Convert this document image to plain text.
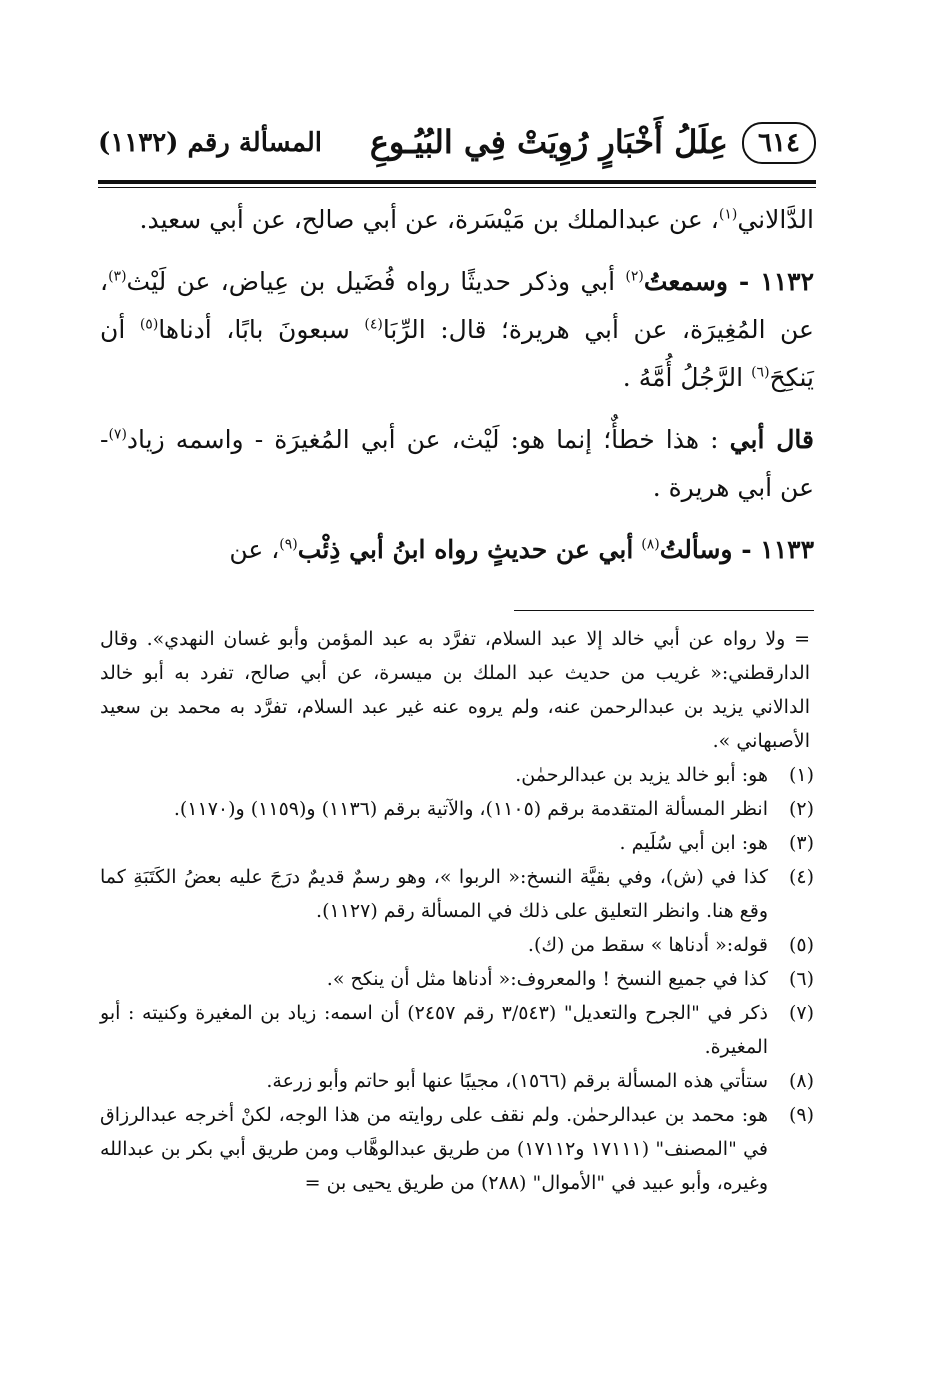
٦١٤
عِلَلُ أَخْبَارٍ رُوِيَتْ فِي البُيُـوعِ
المسألة رقم (١١٣٢)

الدَّالاني$^{(١)}$، عن عبدالملك بن مَيْسَرة، عن أبي صالح، عن أبي سعيد.

١١٣٢ - وسمعتُ$^{(٢)}$ أبي وذكر حديثًا رواه فُضَيل بن عِياض، عن لَيْث$^{(٣)}$، عن المُغِيرَة، عن أبي هريرة؛ قال: الرِّبَا$^{(٤)}$ سبعونَ بابًا، أدناها$^{(٥)}$ أن يَنكِحَ$^{(٦)}$ الرَّجُلُ أُمَّهُ .

قال أبي : هذا خطأٌ؛ إنما هو: لَيْث، عن أبي المُغيرَة - واسمه زياد$^{(٧)}$- عن أبي هريرة .

١١٣٣ - وسألتُ$^{(٨)}$ أبي عن حديثٍ رواه ابنُ أبي ذِئْب$^{(٩)}$، عن

= ولا رواه عن أبي خالد إلا عبد السلام، تفرَّد به عبد المؤمن وأبو غسان النهدي». وقال الدارقطني:« غريب من حديث عبد الملك بن ميسرة، عن أبي صالح، تفرد به أبو خالد الدالاني يزيد بن عبدالرحمن عنه، ولم يروه عنه غير عبد السلام، تفرَّد به محمد بن سعيد الأصبهاني ».

(١)
هو: أبو خالد يزيد بن عبدالرحمٰن.
(٢)
انظر المسألة المتقدمة برقم (١١٠٥)، والآتية برقم (١١٣٦) و(١١٥٩) و(١١٧٠).
(٣)
هو: ابن أبي سُلَيم .
(٤)
كذا في (ش)، وفي بقيَّة النسخ:« الربوا »، وهو رسمٌ قديمٌ درَجَ عليه بعضُ الكَتَبَةِ كما وقع هنا. وانظر التعليق على ذلك في المسألة رقم (١١٢٧).
(٥)
قوله:« أدناها » سقط من (ك).
(٦)
كذا في جميع النسخ ! والمعروف:« أدناها مثل أن ينكح ».
(٧)
ذكر في "الجرح والتعديل" (٣/٥٤٣ رقم ٢٤٥٧) أن اسمه: زياد بن المغيرة وكنيته : أبو المغيرة.
(٨)
ستأتي هذه المسألة برقم (١٥٦٦)، مجيبًا عنها أبو حاتم وأبو زرعة.
(٩)
هو: محمد بن عبدالرحمٰن. ولم نقف على روايته من هذا الوجه، لكنْ أخرجه عبدالرزاق في "المصنف" (١٧١١١ و١٧١١٢) من طريق عبدالوهَّاب ومن طريق أبي بكر بن عبدالله وغيره، وأبو عبيد في "الأموال" (٢٨٨) من طريق يحيى بن =
